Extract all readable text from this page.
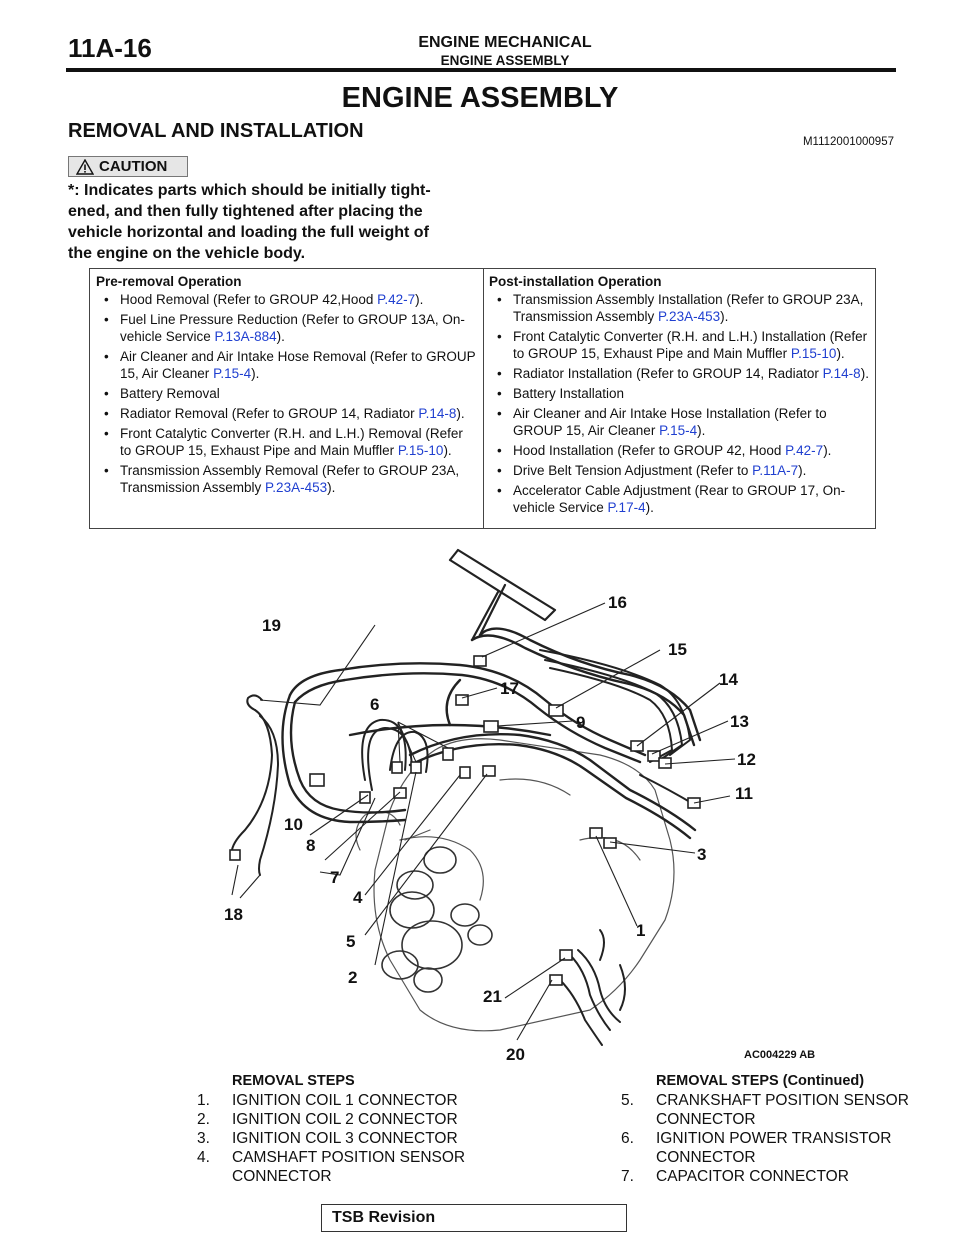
11A-16	ENGINE MECHANICAL
ENGINE ASSEMBLY
ENGINE ASSEMBLY
REMOVAL AND INSTALLATION	M1112001000957
CAUTION
*: Indicates parts which should be initially tight-
ened, and then fully tightened after placing the
vehicle horizontal and loading the full weight of
the engine on the vehicle body.
Pre-removal Operation
• Hood Removal (Refer to GROUP 42,Hood P.42-7).
• Fuel Line Pressure Reduction (Refer to GROUP 13A, On-vehicle Service P.13A-884).
• Air Cleaner and Air Intake Hose Removal (Refer to GROUP 15, Air Cleaner P.15-4).
• Battery Removal
• Radiator Removal (Refer to GROUP 14, Radiator P.14-8).
• Front Catalytic Converter (R.H. and L.H.) Removal (Refer to GROUP 15, Exhaust Pipe and Main Muffler P.15-10).
• Transmission Assembly Removal (Refer to GROUP 23A, Transmission Assembly P.23A-453).
Post-installation Operation
• Transmission Assembly Installation (Refer to GROUP 23A, Transmission Assembly P.23A-453).
• Front Catalytic Converter (R.H. and L.H.) Installation (Refer to GROUP 15, Exhaust Pipe and Main Muffler P.15-10).
• Radiator Installation (Refer to GROUP 14, Radiator P.14-8).
• Battery Installation
• Air Cleaner and Air Intake Hose Installation (Refer to GROUP 15, Air Cleaner P.15-4).
• Hood Installation (Refer to GROUP 42, Hood P.42-7).
• Drive Belt Tension Adjustment (Refer to P.11A-7).
• Accelerator Cable Adjustment (Rear to GROUP 17, On-vehicle Service P.17-4).
1
2
3
4
5
6
7
8
9
10
11
12
13
14
15
16
17
18
19
20
21
AC004229 AB
REMOVAL STEPS
1. IGNITION COIL 1 CONNECTOR
2. IGNITION COIL 2 CONNECTOR
3. IGNITION COIL 3 CONNECTOR
4. CAMSHAFT POSITION SENSOR CONNECTOR
REMOVAL STEPS (Continued)
5. CRANKSHAFT POSITION SENSOR CONNECTOR
6. IGNITION POWER TRANSISTOR CONNECTOR
7. CAPACITOR CONNECTOR
TSB Revision
